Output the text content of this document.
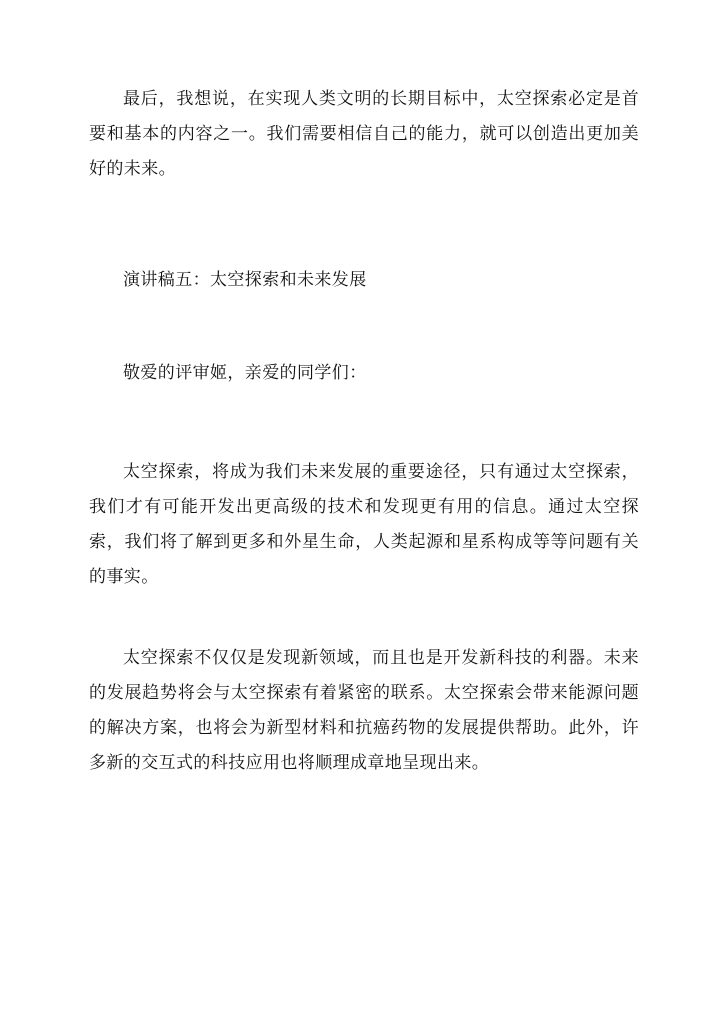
最后，我想说，在实现人类文明的长期目标中，太空探索必定是首要和基本的内容之一。我们需要相信自己的能力，就可以创造出更加美好的未来。

演讲稿五：太空探索和未来发展

敬爱的评审姬，亲爱的同学们：

太空探索，将成为我们未来发展的重要途径，只有通过太空探索，我们才有可能开发出更高级的技术和发现更有用的信息。通过太空探索，我们将了解到更多和外星生命，人类起源和星系构成等等问题有关的事实。

太空探索不仅仅是发现新领域，而且也是开发新科技的利器。未来的发展趋势将会与太空探索有着紧密的联系。太空探索会带来能源问题的解决方案，也将会为新型材料和抗癌药物的发展提供帮助。此外，许多新的交互式的科技应用也将顺理成章地呈现出来。
